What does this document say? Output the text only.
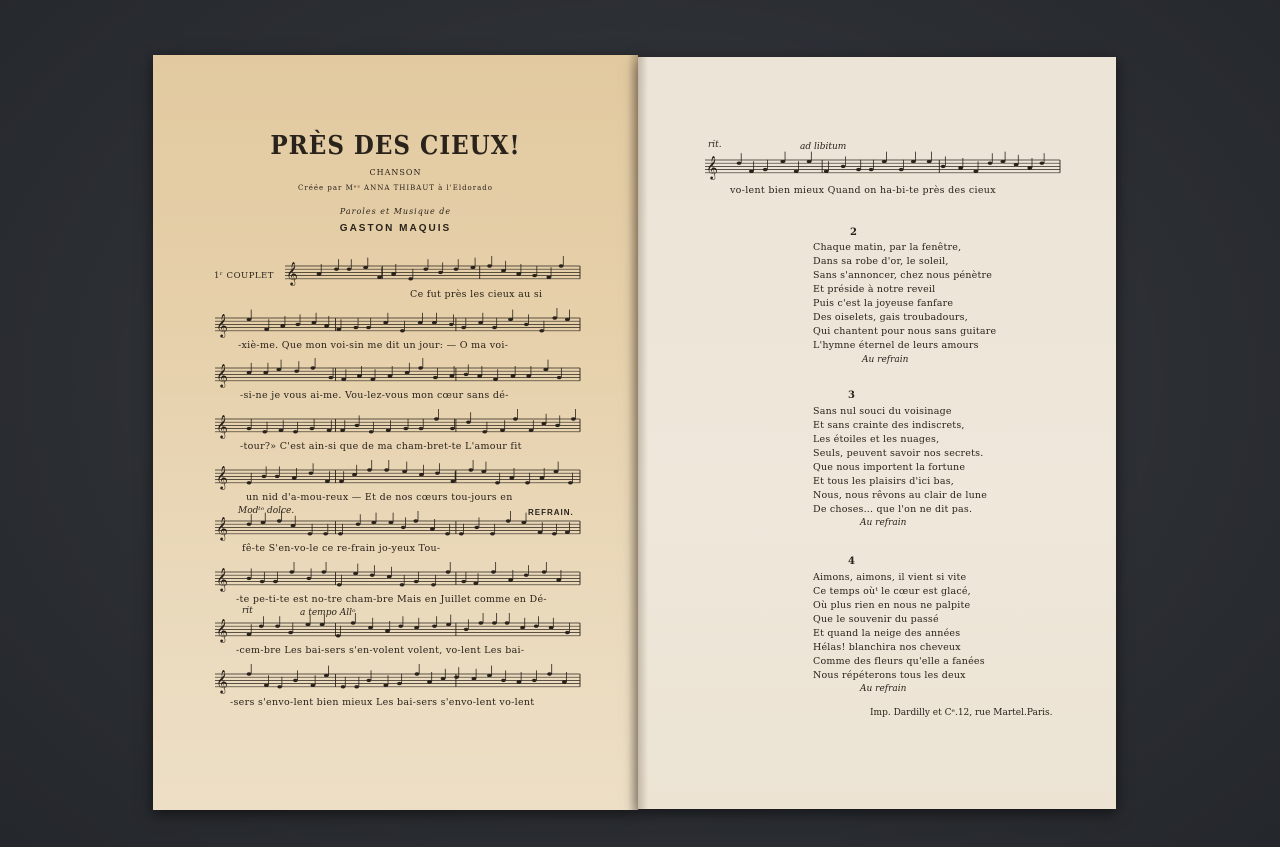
PRÈS DES CIEUX!
CHANSON
Créée par Mᵉˢ ANNA THIBAUT à l'Eldorado
Paroles et Musique de
GASTON MAQUIS
1ʳ COUPLET 𝄞
𝄞
𝄞
𝄞
𝄞
𝄞
𝄞
𝄞
𝄞
Ce fut près les cieux au si
-xiè-me. Que mon voi-sin me dit un jour: — O ma voi-
-si-ne je vous ai-me. Vou-lez-vous mon cœur sans dé-
-tour?» C'est ain-si que de ma cham-bret-te L'amour fit
un nid d'a-mou-reux — Et de nos cœurs tou-jours en
Modᵗᵒ dolce.	REFRAIN.
fê-te S'en-vo-le ce re-frain jo-yeux Tou-
-te pe-ti-te est no-tre cham-bre Mais en Juillet comme en Dé-
rit	a tempo Allᵒ
-cem-bre Les bai-sers s'en-volent volent, vo-lent Les bai-
-sers s'envo-lent bien mieux Les bai-sers s'envo-lent vo-lent
rit.	ad libitum
𝄞
vo-lent bien mieux Quand on ha-bi-te près des cieux
2
Chaque matin, par la fenêtre,
Dans sa robe d'or, le soleil,
Sans s'annoncer, chez nous pénètre
Et préside à notre reveil
Puis c'est la joyeuse fanfare
Des oiselets, gais troubadours,
Qui chantent pour nous sans guitare
L'hymne éternel de leurs amours
Au refrain
3
Sans nul souci du voisinage
Et sans crainte des indiscrets,
Les étoiles et les nuages,
Seuls, peuvent savoir nos secrets.
Que nous importent la fortune
Et tous les plaisirs d'ici bas,
Nous, nous rêvons au clair de lune
De choses... que l'on ne dit pas.
Au refrain
4
Aimons, aimons, il vient si vite
Ce temps oùᵗ le cœur est glacé,
Où plus rien en nous ne palpite
Que le souvenir du passé
Et quand la neige des années
Hélas! blanchira nos cheveux
Comme des fleurs qu'elle a fanées
Nous répéterons tous les deux
Au refrain
Imp. Dardilly et Cᵉ.12, rue Martel.Paris.
